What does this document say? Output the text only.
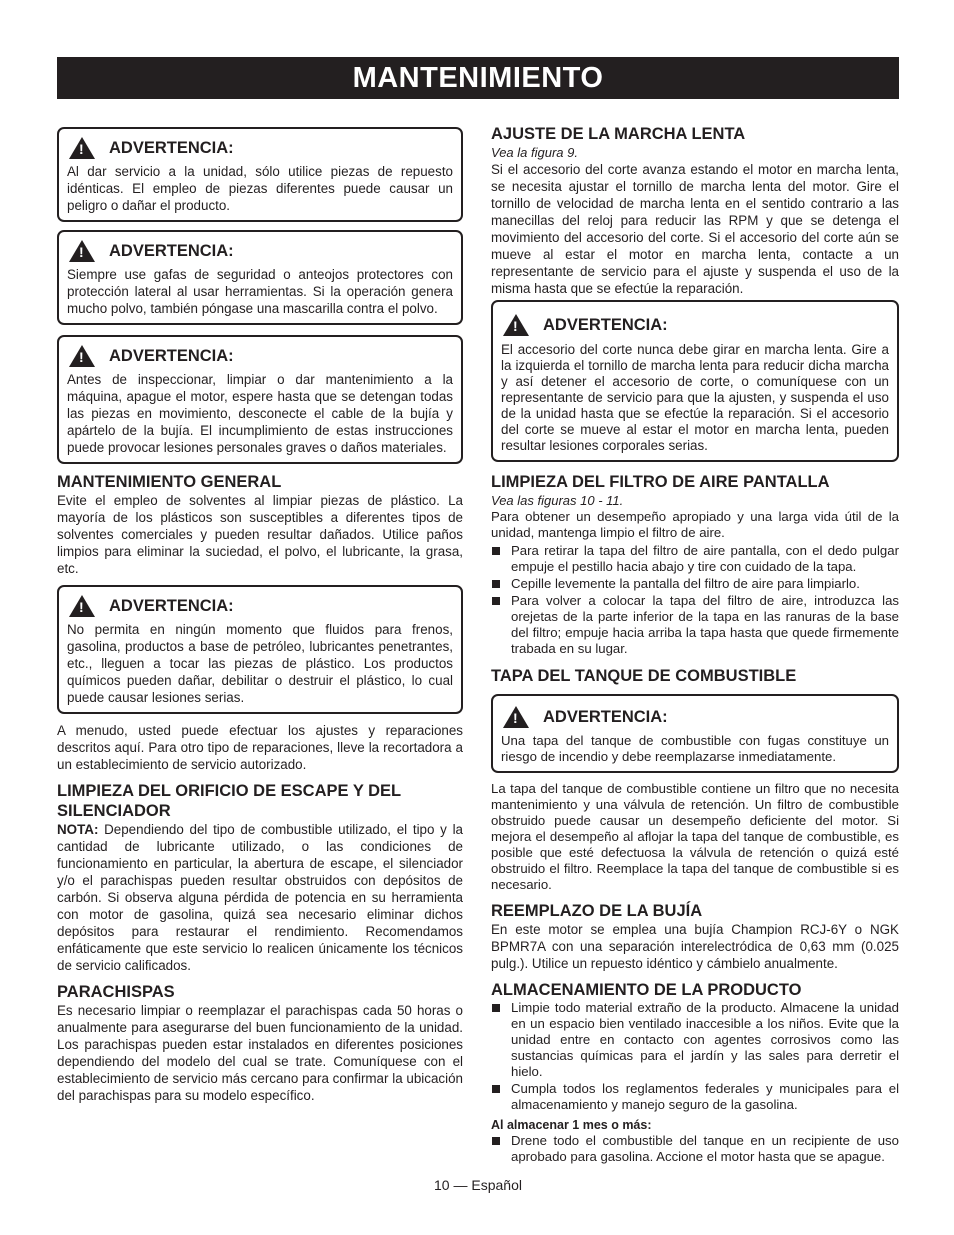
MANTENIMIENTO
!
ADVERTENCIA:

Al dar servicio a la unidad, sólo utilice piezas de repuesto idénticas. El empleo de piezas diferentes puede causar un peligro o dañar el producto.

!
ADVERTENCIA:

Siempre use gafas de seguridad o anteojos protectores con protección lateral al usar herramientas. Si la operación genera mucho polvo, también póngase una mascarilla contra el polvo.

!
ADVERTENCIA:

Antes de inspeccionar, limpiar o dar mantenimiento a la máquina, apague el motor, espere hasta que se detengan todas las piezas en movimiento, desconecte el cable de la bujía y apártelo de la bujía. El incumplimiento de estas instrucciones puede provocar lesiones personales graves o daños materiales.

MANTENIMIENTO GENERAL

Evite el empleo de solventes al limpiar piezas de plástico. La mayoría de los plásticos son susceptibles a diferentes tipos de solventes comerciales y pueden resultar dañados. Utilice paños limpios para eliminar la suciedad, el polvo, el lubricante, la grasa, etc.

!
ADVERTENCIA:

No permita en ningún momento que fluidos para frenos, gasolina, productos a base de petróleo, lubricantes penetrantes, etc., lleguen a tocar las piezas de plástico. Los productos químicos pueden dañar, debilitar o destruir el plástico, lo cual puede causar lesiones serias.

A menudo, usted puede efectuar los ajustes y reparaciones descritos aquí. Para otro tipo de reparaciones, lleve la recortadora a un establecimiento de servicio autorizado.

LIMPIEZA DEL ORIFICIO DE ESCAPE Y DEL SILENCIADOR

NOTA: Dependiendo del tipo de combustible utilizado, el tipo y la cantidad de lubricante utilizado, o las condiciones de funcionamiento en particular, la abertura de escape, el silenciador y/o el parachispas pueden resultar obstruidos con depósitos de carbón. Si observa alguna pérdida de potencia en su herramienta con motor de gasolina, quizá sea necesario eliminar dichos depósitos para restaurar el rendimiento. Recomendamos enfáticamente que este servicio lo realicen únicamente los técnicos de servicio calificados.

PARACHISPAS

Es necesario limpiar o reemplazar el parachispas cada 50 horas o anualmente para asegurarse del buen funcionamiento de la unidad. Los parachispas pueden estar instalados en diferentes posiciones dependiendo del modelo del cual se trate. Comuníquese con el establecimiento de servicio más cercano para confirmar la ubicación del parachispas para su modelo específico.

AJUSTE DE LA MARCHA LENTA
Vea la figura 9.

Si el accesorio del corte avanza estando el motor en marcha lenta, se necesita ajustar el tornillo de marcha lenta del motor. Gire el tornillo de velocidad de marcha lenta en el sentido contrario a las manecillas del reloj para reducir las RPM y que se detenga el movimiento del accesorio del corte. Si el accesorio del corte aún se mueve al estar el motor en marcha lenta, contacte a un representante de servicio para el ajuste y suspenda el uso de la misma hasta que se efectúe la reparación.

!
ADVERTENCIA:

El accesorio del corte nunca debe girar en marcha lenta. Gire a la izquierda el tornillo de marcha lenta para reducir dicha marcha y así detener el accesorio de corte, o comuníquese con un representante de servicio para que la ajusten, y suspenda el uso de la unidad hasta que se efectúe la reparación. Si el accesorio del corte se mueve al estar el motor en marcha lenta, pueden resultar lesiones corporales serias.

LIMPIEZA DEL FILTRO DE AIRE PANTALLA
Vea las figuras 10 - 11.

Para obtener un desempeño apropiado y una larga vida útil de la unidad, mantenga limpio el filtro de aire.

Para retirar la tapa del filtro de aire pantalla, con el dedo pulgar empuje el pestillo hacia abajo y tire con cuidado de la tapa.
Cepille levemente la pantalla del filtro de aire para limpiarlo.
Para volver a colocar la tapa del filtro de aire, introduzca las orejetas de la parte inferior de la tapa en las ranuras de la base del filtro; empuje hacia arriba la tapa hasta que quede firmemente trabada en su lugar.
TAPA DEL TANQUE DE COMBUSTIBLE
!
ADVERTENCIA:

Una tapa del tanque de combustible con fugas constituye un riesgo de incendio y debe reemplazarse inmediatamente.

La tapa del tanque de combustible contiene un filtro que no necesita mantenimiento y una válvula de retención. Un filtro de combustible obstruido puede causar un desempeño deficiente del motor. Si mejora el desempeño al aflojar la tapa del tanque de combustible, es posible que esté defectuosa la válvula de retención o quizá esté obstruido el filtro. Reemplace la tapa del tanque de combustible si es necesario.

REEMPLAZO DE LA BUJÍA

En este motor se emplea una bujía Champion RCJ-6Y o NGK BPMR7A con una separación interelectródica de 0,63 mm (0.025 pulg.). Utilice un repuesto idéntico y cámbielo anualmente.

ALMACENAMIENTO DE LA PRODUCTO
Limpie todo material extraño de la producto. Almacene la unidad en un espacio bien ventilado inaccesible a los niños. Evite que la unidad entre en contacto con agentes corrosivos como las sustancias químicas para el jardín y las sales para derretir el hielo.
Cumpla todos los reglamentos federales y municipales para el almacenamiento y manejo seguro de la gasolina.
Al almacenar 1 mes o más:
Drene todo el combustible del tanque en un recipiente de uso aprobado para gasolina. Accione el motor hasta que se apague.
10 — Español
